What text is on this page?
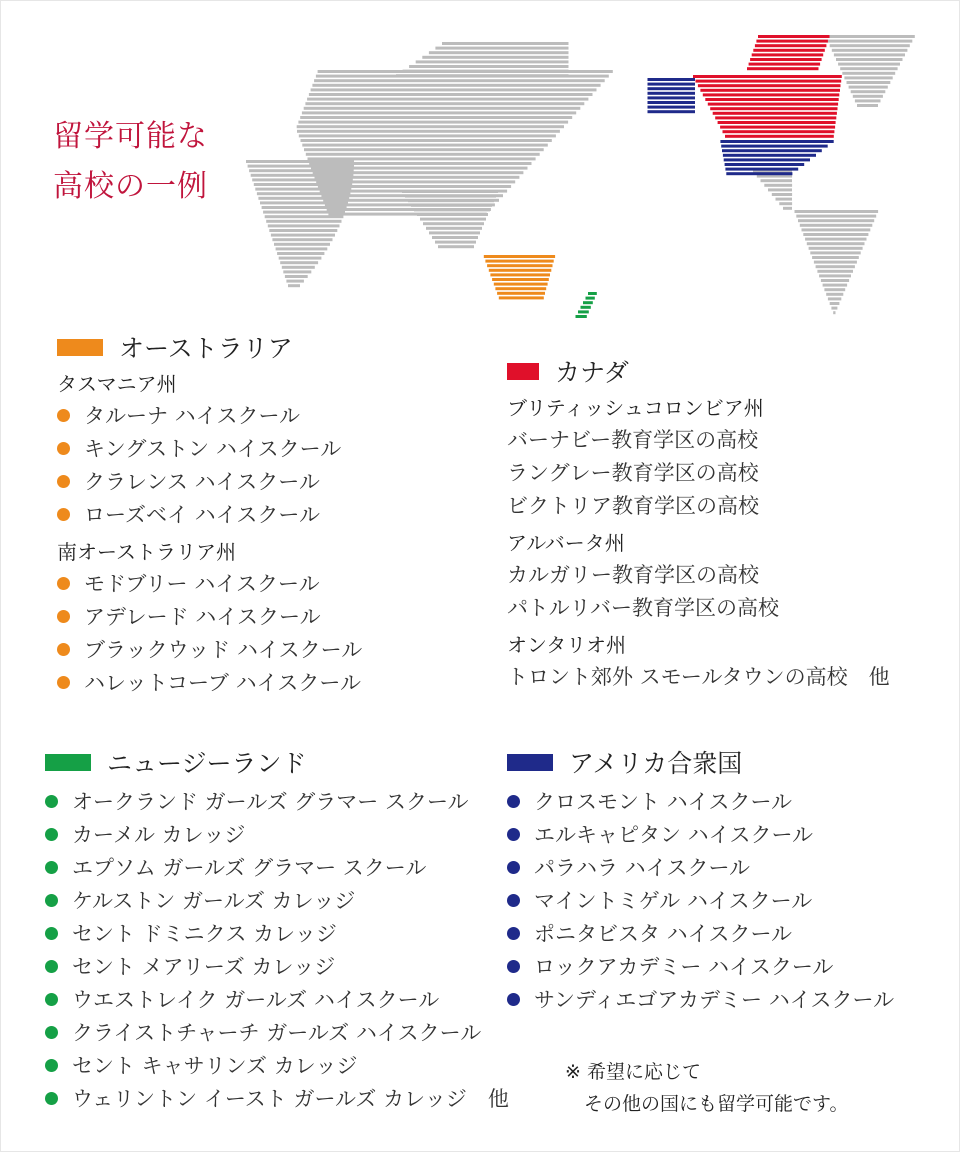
留学可能な
高校の一例
オーストラリア
タスマニア州
タルーナ ハイスクール
キングストン ハイスクール
クラレンス ハイスクール
ローズベイ ハイスクール
南オーストラリア州
モドブリー ハイスクール
アデレード ハイスクール
ブラックウッド ハイスクール
ハレットコーブ ハイスクール
カナダ
ブリティッシュコロンビア州
バーナビー教育学区の高校
ラングレー教育学区の高校
ビクトリア教育学区の高校
アルバータ州
カルガリー教育学区の高校
パトルリバー教育学区の高校
オンタリオ州
トロント郊外 スモールタウンの高校　他
ニュージーランド
オークランド ガールズ グラマー スクール
カーメル カレッジ
エプソム ガールズ グラマー スクール
ケルストン ガールズ カレッジ
セント ドミニクス カレッジ
セント メアリーズ カレッジ
ウエストレイク ガールズ ハイスクール
クライストチャーチ ガールズ ハイスクール
セント キャサリンズ カレッジ
ウェリントン イースト ガールズ カレッジ　他
アメリカ合衆国
クロスモント ハイスクール
エルキャピタン ハイスクール
パラハラ ハイスクール
マイントミゲル ハイスクール
ポニタビスタ ハイスクール
ロックアカデミー ハイスクール
サンディエゴアカデミー ハイスクール
※ 希望に応じて
　その他の国にも留学可能です。
